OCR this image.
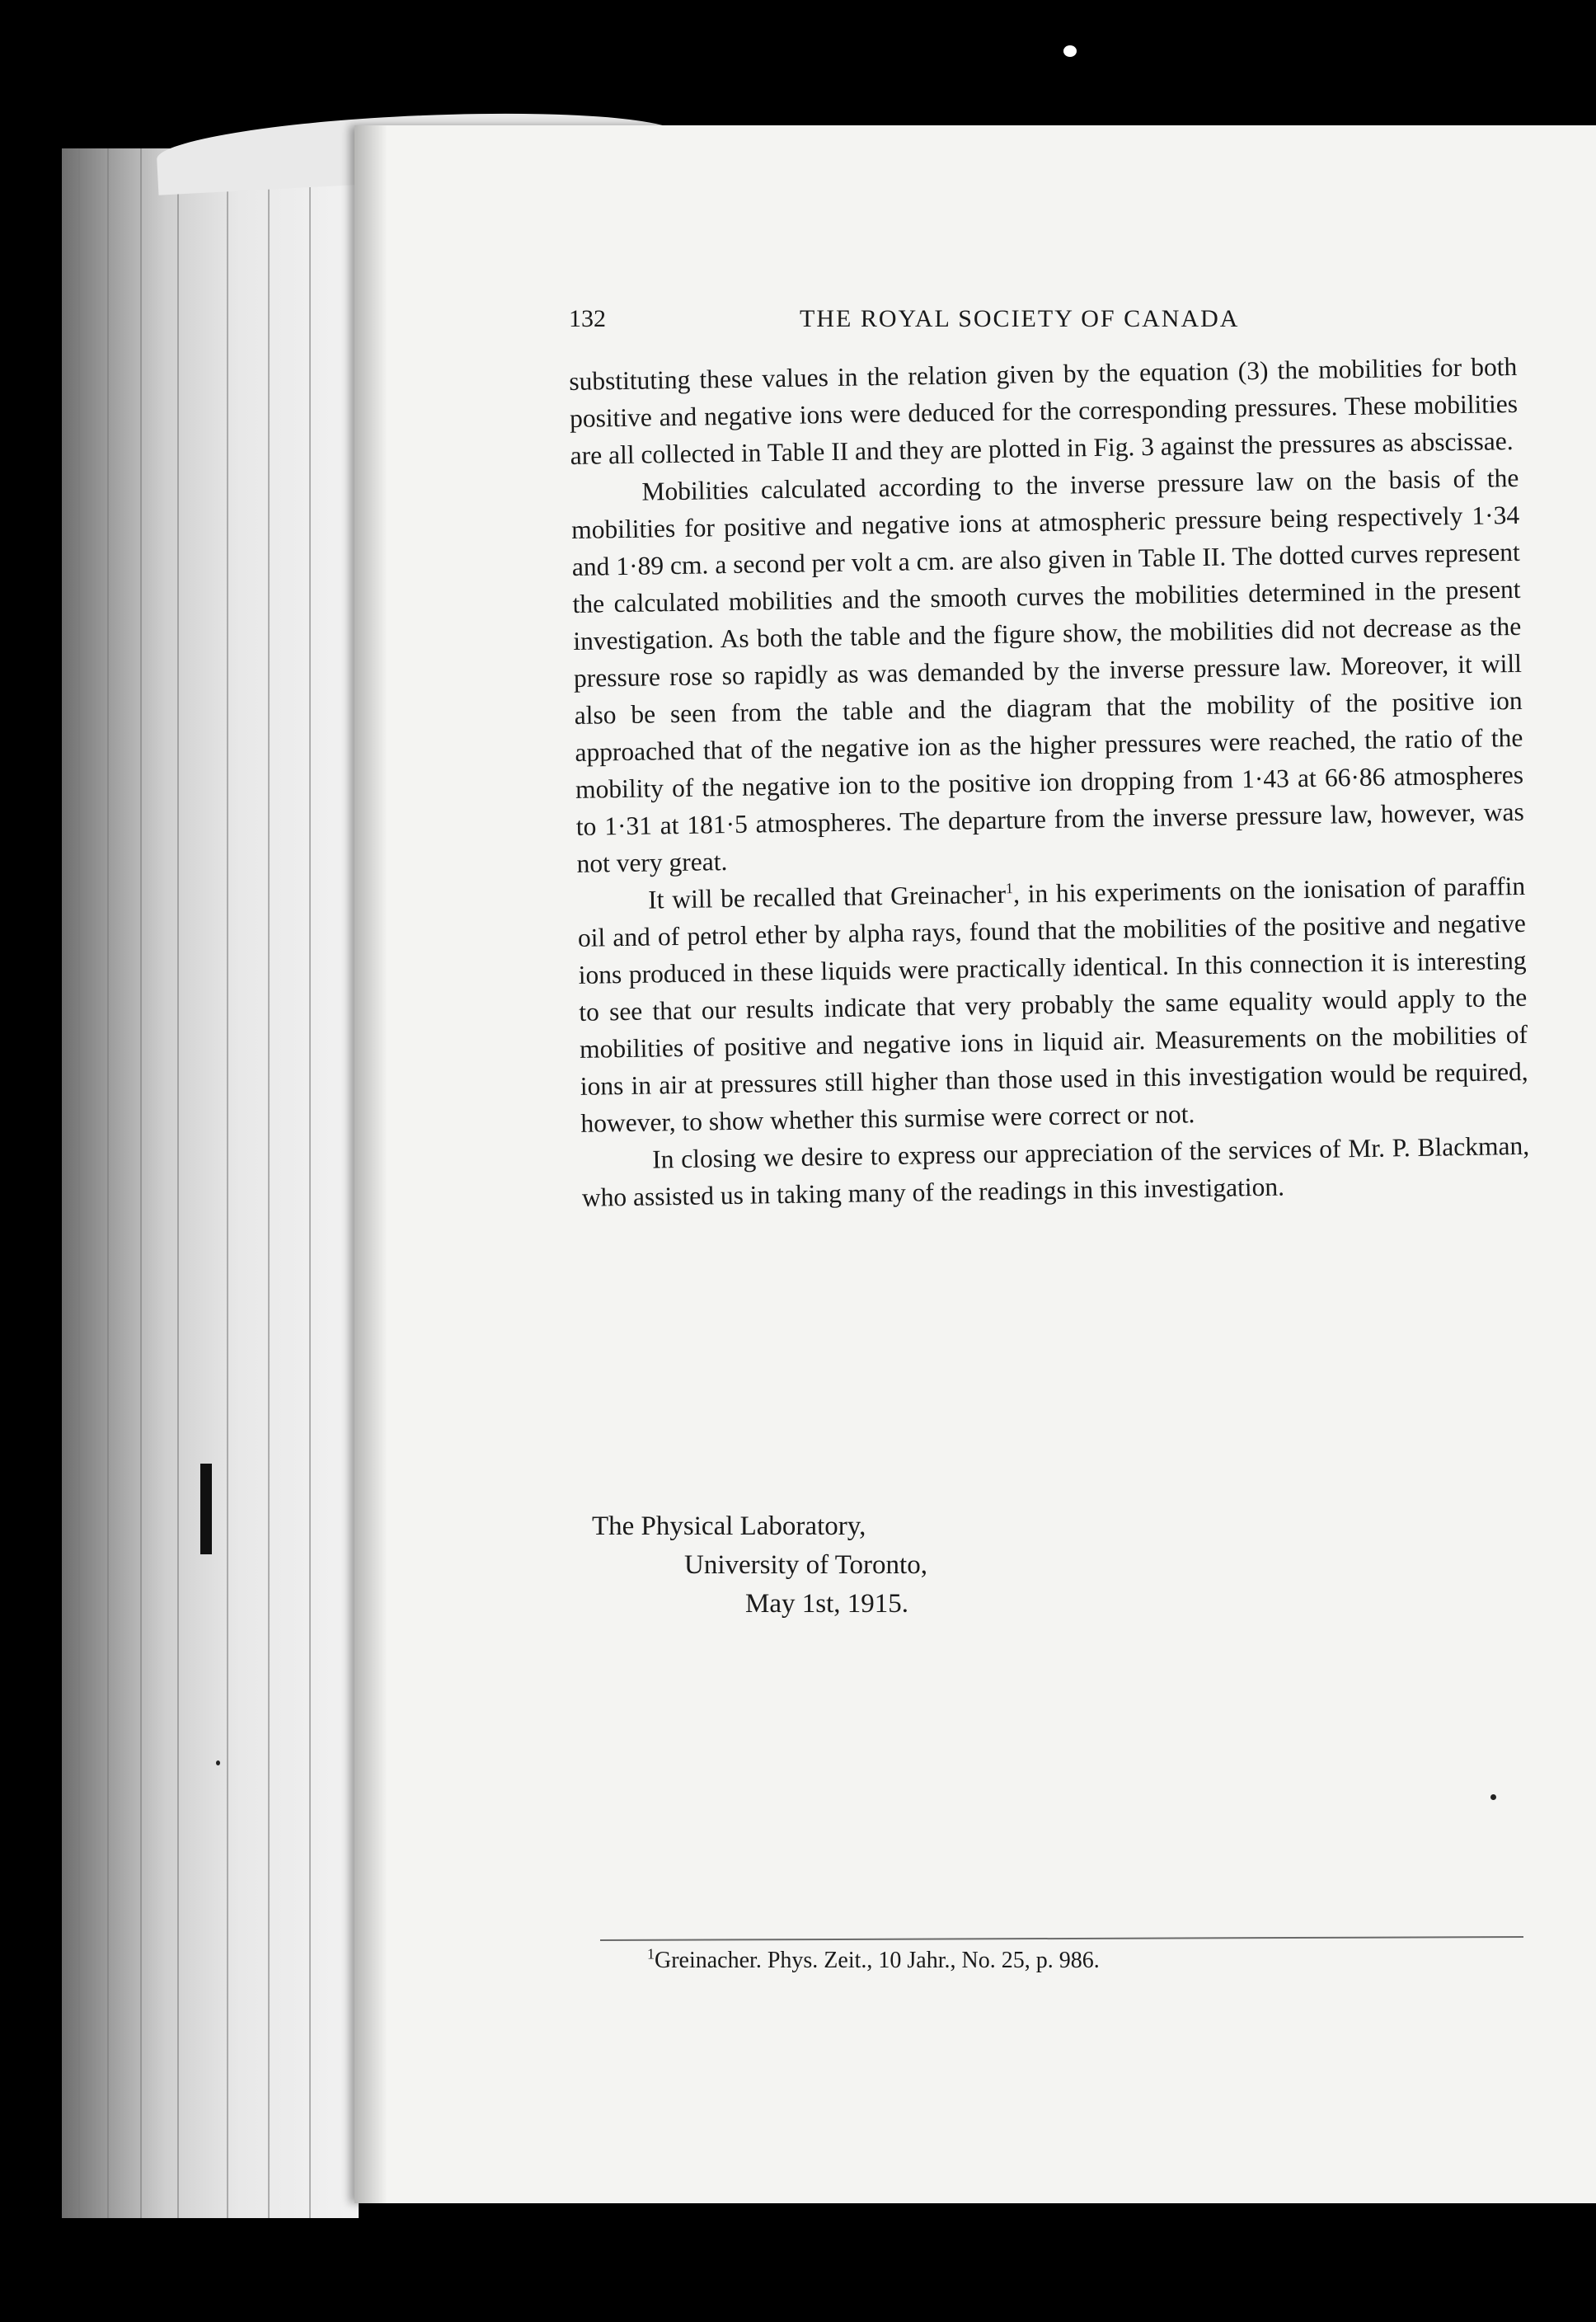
132	THE ROYAL SOCIETY OF CANADA

substituting these values in the relation given by the equation (3) the mobilities for both positive and negative ions were deduced for the corresponding pressures. These mobilities are all collected in Table II and they are plotted in Fig. 3 against the pressures as abscissae.

Mobilities calculated according to the inverse pressure law on the basis of the mobilities for positive and negative ions at atmospheric pressure being respectively 1·34 and 1·89 cm. a second per volt a cm. are also given in Table II. The dotted curves represent the calculated mobilities and the smooth curves the mobilities determined in the present investigation. As both the table and the figure show, the mobilities did not decrease as the pressure rose so rapidly as was demanded by the inverse pressure law. Moreover, it will also be seen from the table and the diagram that the mobility of the positive ion approached that of the negative ion as the higher pressures were reached, the ratio of the mobility of the negative ion to the positive ion dropping from 1·43 at 66·86 atmospheres to 1·31 at 181·5 atmospheres. The departure from the inverse pressure law, however, was not very great.

It will be recalled that Greinacher$^1$, in his experiments on the ionisation of paraffin oil and of petrol ether by alpha rays, found that the mobilities of the positive and negative ions produced in these liquids were practically identical. In this connection it is interesting to see that our results indicate that very probably the same equality would apply to the mobilities of positive and negative ions in liquid air. Measurements on the mobilities of ions in air at pressures still higher than those used in this investigation would be required, however, to show whether this surmise were correct or not.

In closing we desire to express our appreciation of the services of Mr. P. Blackman, who assisted us in taking many of the readings in this investigation.

The Physical Laboratory,
University of Toronto,
May 1st, 1915.
$^1$Greinacher. Phys. Zeit., 10 Jahr., No. 25, p. 986.
